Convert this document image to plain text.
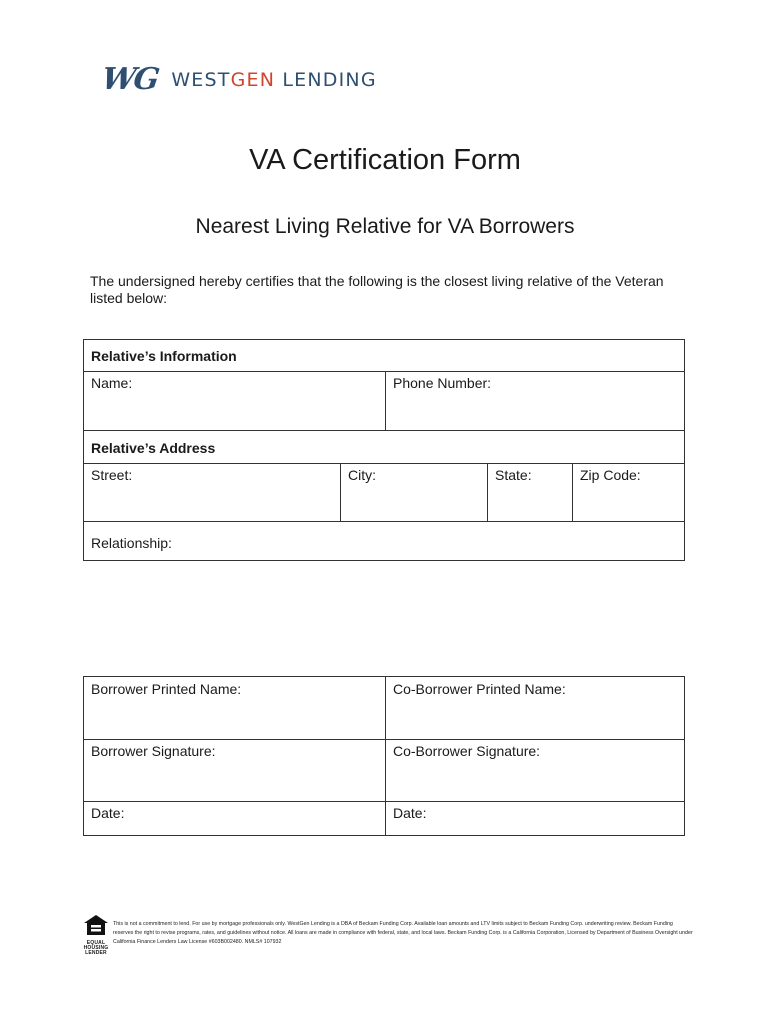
WG WESTGEN LENDING
VA Certification Form
Nearest Living Relative for VA Borrowers
The undersigned hereby certifies that the following is the closest living relative of the Veteran listed below:
Relative’s Information
Name:	Phone Number:
Relative’s Address
Street:	City:	State:	Zip Code:
Relationship:
Borrower Printed Name:	Co-Borrower Printed Name:
Borrower Signature:	Co-Borrower Signature:
Date:	Date:
EQUAL HOUSING
LENDER
This is not a commitment to lend. For use by mortgage professionals only. WestGen Lending is a DBA of Beckam Funding Corp. Available loan amounts and LTV limits subject to Beckam Funding Corp. underwriting review. Beckam Funding reserves the right to revise programs, rates, and guidelines without notice. All loans are made in compliance with federal, state, and local laws. Beckam Funding Corp. is a California Corporation, Licensed by Department of Business Oversight under California Finance Lenders Law License #603B002480. NMLS# 107932
